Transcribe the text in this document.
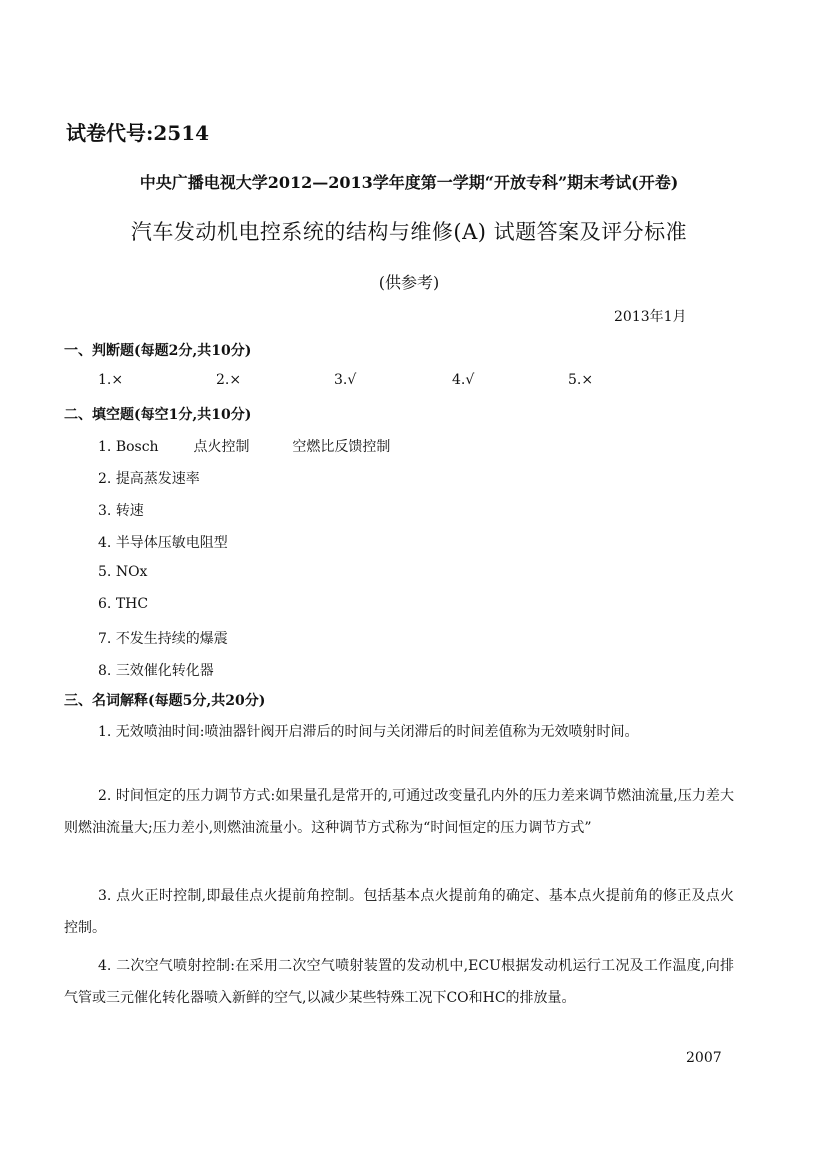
试卷代号:2514
中央广播电视大学2012—2013学年度第一学期“开放专科”期末考试(开卷)
汽车发动机电控系统的结构与维修(A) 试题答案及评分标准
(供参考)
2013年1月
一、判断题(每题2分,共10分)
1.×	2.×	3.√	4.√	5.×
二、填空题(每空1分,共10分)
1. Bosch 点火控制	空燃比反馈控制
2. 提高蒸发速率
3. 转速
4. 半导体压敏电阻型
5. NOx
6. THC
7. 不发生持续的爆震
8. 三效催化转化器
三、名词解释(每题5分,共20分)
1. 无效喷油时间:喷油器针阀开启滞后的时间与关闭滞后的时间差值称为无效喷射时间。
2. 时间恒定的压力调节方式:如果量孔是常开的,可通过改变量孔内外的压力差来调节燃油流量,压力差大则燃油流量大;压力差小,则燃油流量小。这种调节方式称为“时间恒定的压力调节方式”
3. 点火正时控制,即最佳点火提前角控制。包括基本点火提前角的确定、基本点火提前角的修正及点火控制。
4. 二次空气喷射控制:在采用二次空气喷射装置的发动机中,ECU根据发动机运行工况及工作温度,向排气管或三元催化转化器喷入新鲜的空气,以减少某些特殊工况下CO和HC的排放量。
2007
